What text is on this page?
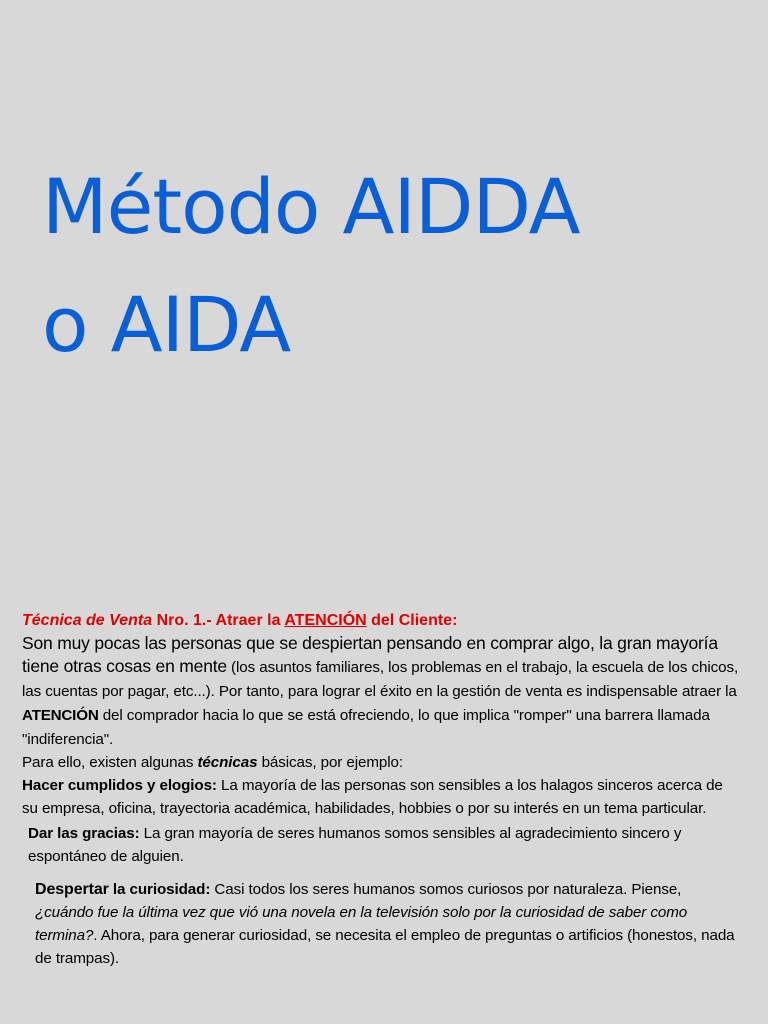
Método AIDDA
o AIDA

Técnica de Venta Nro. 1.- Atraer la ATENCIÓN del Cliente:

Son muy pocas las personas que se despiertan pensando en comprar algo, la gran mayoría tiene otras cosas en mente (los asuntos familiares, los problemas en el trabajo, la escuela de los chicos, las cuentas por pagar, etc...). Por tanto, para lograr el éxito en la gestión de venta es indispensable atraer la ATENCIÓN del comprador hacia lo que se está ofreciendo, lo que implica "romper" una barrera llamada "indiferencia".

Para ello, existen algunas técnicas básicas, por ejemplo:

Hacer cumplidos y elogios: La mayoría de las personas son sensibles a los halagos sinceros acerca de su empresa, oficina, trayectoria académica, habilidades, hobbies o por su interés en un tema particular.

Dar las gracias: La gran mayoría de seres humanos somos sensibles al agradecimiento sincero y espontáneo de alguien.

Despertar la curiosidad: Casi todos los seres humanos somos curiosos por naturaleza. Piense, ¿cuándo fue la última vez que vió una novela en la televisión solo por la curiosidad de saber como termina?. Ahora, para generar curiosidad, se necesita el empleo de preguntas o artificios (honestos, nada de trampas).
